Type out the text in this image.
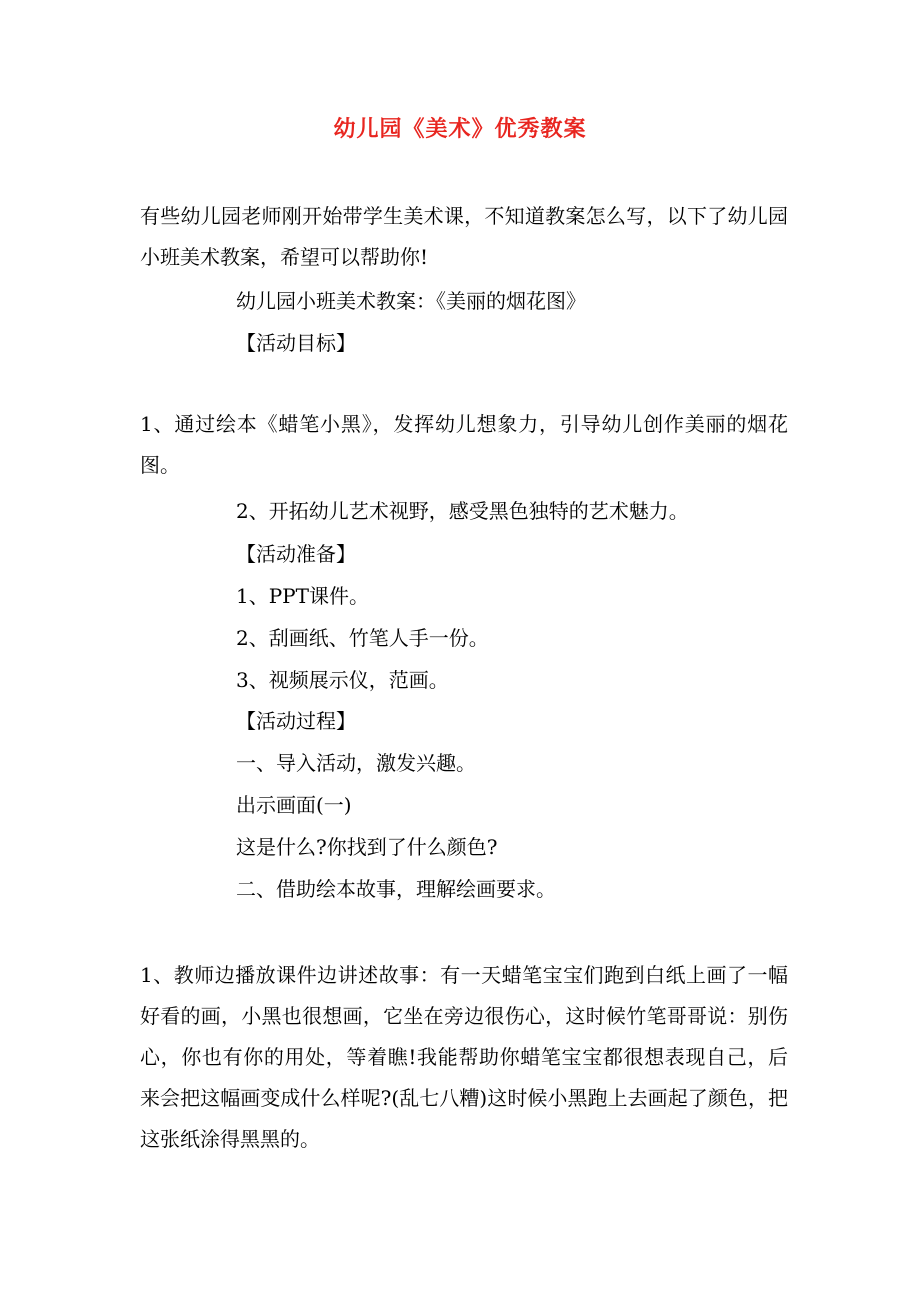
幼儿园《美术》优秀教案
有些幼儿园老师刚开始带学生美术课，不知道教案怎么写，以下了幼儿园小班美术教案，希望可以帮助你!
幼儿园小班美术教案：《美丽的烟花图》
【活动目标】
1、通过绘本《蜡笔小黑》，发挥幼儿想象力，引导幼儿创作美丽的烟花图。
2、开拓幼儿艺术视野，感受黑色独特的艺术魅力。
【活动准备】
1、PPT课件。
2、刮画纸、竹笔人手一份。
3、视频展示仪，范画。
【活动过程】
一、导入活动，激发兴趣。
出示画面(一)
这是什么?你找到了什么颜色?
二、借助绘本故事，理解绘画要求。
1、教师边播放课件边讲述故事：有一天蜡笔宝宝们跑到白纸上画了一幅好看的画，小黑也很想画，它坐在旁边很伤心，这时候竹笔哥哥说：别伤心，你也有你的用处，等着瞧!我能帮助你蜡笔宝宝都很想表现自己，后来会把这幅画变成什么样呢?(乱七八糟)这时候小黑跑上去画起了颜色，把这张纸涂得黑黑的。
